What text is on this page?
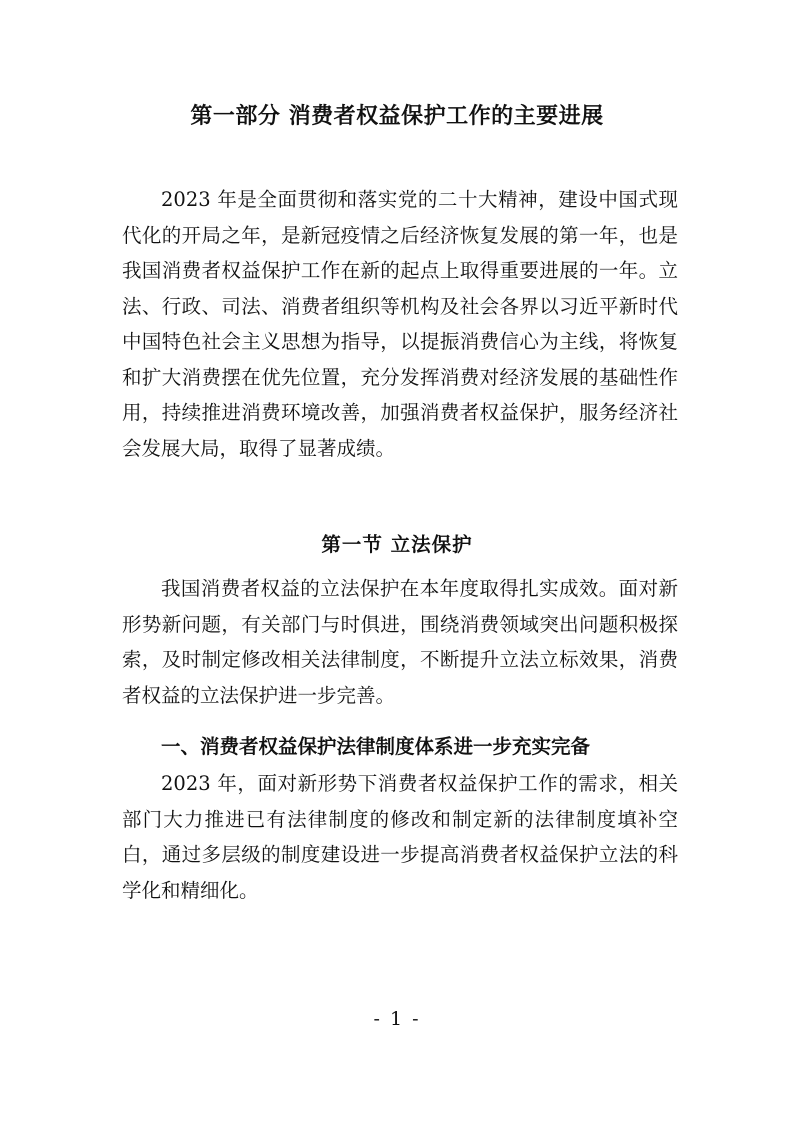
第一部分 消费者权益保护工作的主要进展

2023 年是全面贯彻和落实党的二十大精神，建设中国式现代化的开局之年，是新冠疫情之后经济恢复发展的第一年，也是我国消费者权益保护工作在新的起点上取得重要进展的一年。立法、行政、司法、消费者组织等机构及社会各界以习近平新时代中国特色社会主义思想为指导，以提振消费信心为主线，将恢复和扩大消费摆在优先位置，充分发挥消费对经济发展的基础性作用，持续推进消费环境改善，加强消费者权益保护，服务经济社会发展大局，取得了显著成绩。

第一节 立法保护

我国消费者权益的立法保护在本年度取得扎实成效。面对新形势新问题，有关部门与时俱进，围绕消费领域突出问题积极探索，及时制定修改相关法律制度，不断提升立法立标效果，消费者权益的立法保护进一步完善。

一、消费者权益保护法律制度体系进一步充实完备

2023 年，面对新形势下消费者权益保护工作的需求，相关部门大力推进已有法律制度的修改和制定新的法律制度填补空白，通过多层级的制度建设进一步提高消费者权益保护立法的科学化和精细化。

- 1 -
